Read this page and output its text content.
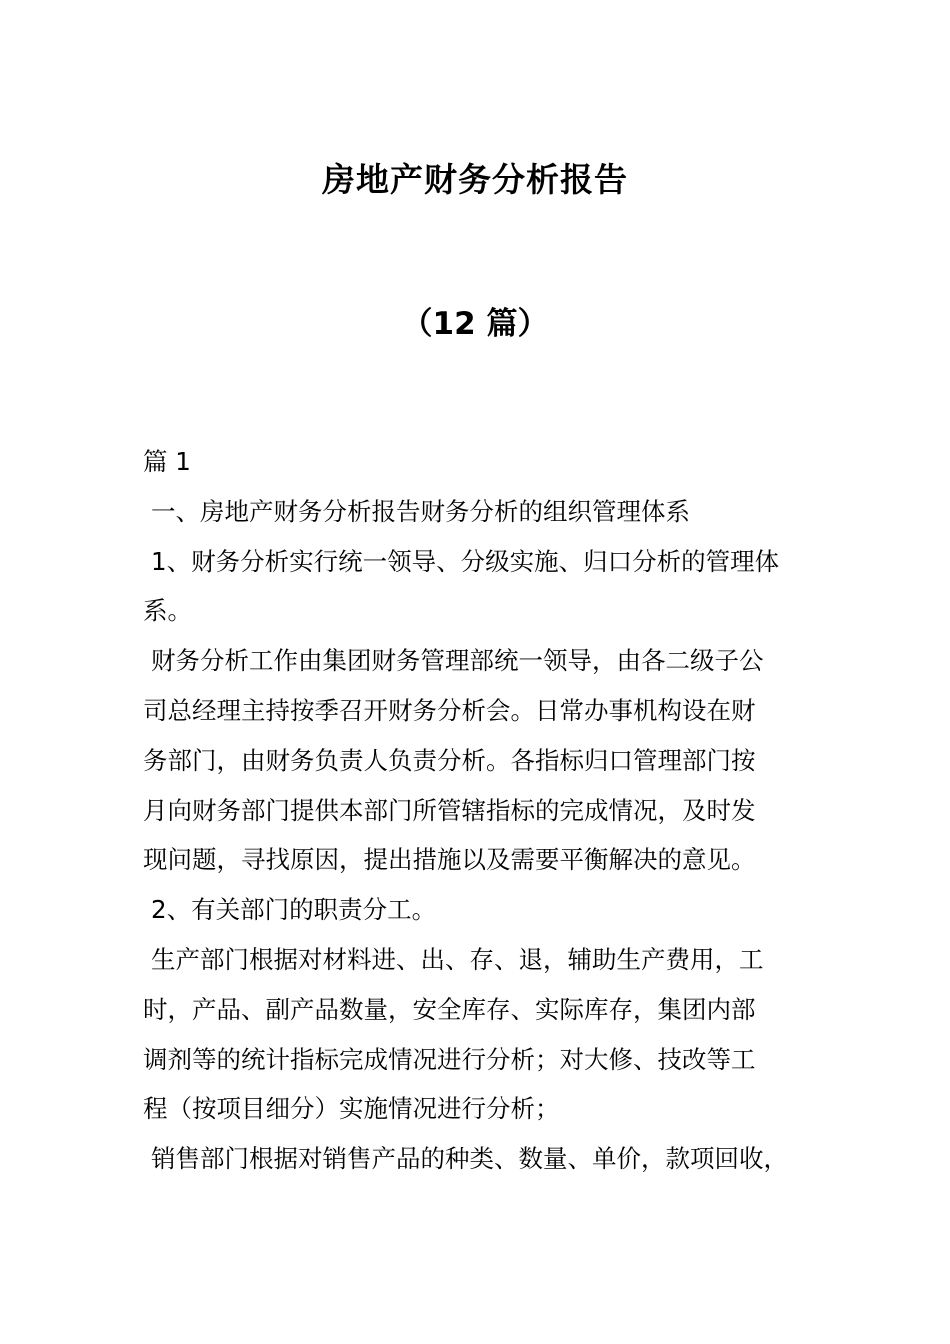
房地产财务分析报告
（12 篇）
篇 1
一、房地产财务分析报告财务分析的组织管理体系
1、财务分析实行统一领导、分级实施、归口分析的管理体
系。
财务分析工作由集团财务管理部统一领导，由各二级子公
司总经理主持按季召开财务分析会。日常办事机构设在财
务部门，由财务负责人负责分析。各指标归口管理部门按
月向财务部门提供本部门所管辖指标的完成情况，及时发
现问题，寻找原因，提出措施以及需要平衡解决的意见。
2、有关部门的职责分工。
生产部门根据对材料进、出、存、退，辅助生产费用，工
时，产品、副产品数量，安全库存、实际库存，集团内部
调剂等的统计指标完成情况进行分析；对大修、技改等工
程（按项目细分）实施情况进行分析；
销售部门根据对销售产品的种类、数量、单价，款项回收，
